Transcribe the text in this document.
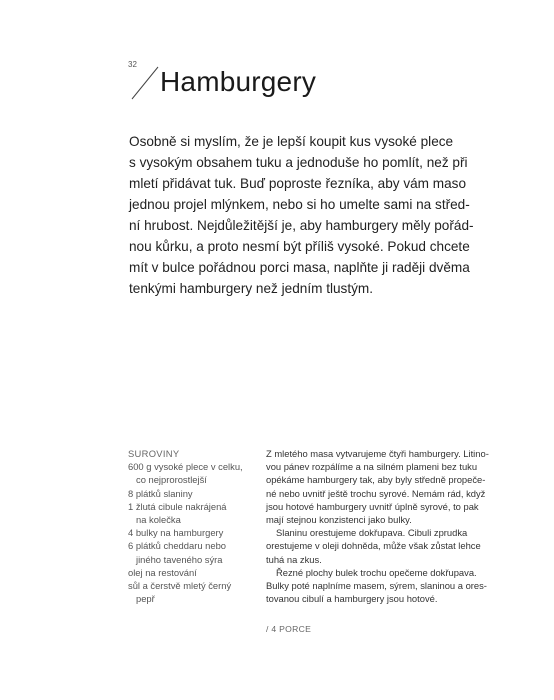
32
Hamburgery
Osobně si myslím, že je lepší koupit kus vysoké plece
s vysokým obsahem tuku a jednoduše ho pomlít, než při
mletí přidávat tuk. Buď poproste řezníka, aby vám maso
jednou projel mlýnkem, nebo si ho umelte sami na střed-
ní hrubost. Nejdůležitější je, aby hamburgery měly pořád-
nou kůrku, a proto nesmí být příliš vysoké. Pokud chcete
mít v bulce pořádnou porci masa, naplňte ji raději dvěma
tenkými hamburgery než jedním tlustým.
SUROVINY
600 g vysoké plece v celku,
co nejprorostlejší
8 plátků slaniny
1 žlutá cibule nakrájená
na kolečka
4 bulky na hamburgery
6 plátků cheddaru nebo
jiného taveného sýra
olej na restování
sůl a čerstvě mletý černý
pepř

Z mletého masa vytvarujeme čtyři hamburgery. Litino-
vou pánev rozpálíme a na silném plameni bez tuku
opékáme hamburgery tak, aby byly středně propeče-
né nebo uvnitř ještě trochu syrové. Nemám rád, když
jsou hotové hamburgery uvnitř úplně syrové, to pak
mají stejnou konzistenci jako bulky.

Slaninu orestujeme dokřupava. Cibuli zprudka
orestujeme v oleji dohněda, může však zůstat lehce
tuhá na zkus.

Řezné plochy bulek trochu opečeme dokřupava.
Bulky poté naplníme masem, sýrem, slaninou a ores-
tovanou cibulí a hamburgery jsou hotové.

/ 4 PORCE
